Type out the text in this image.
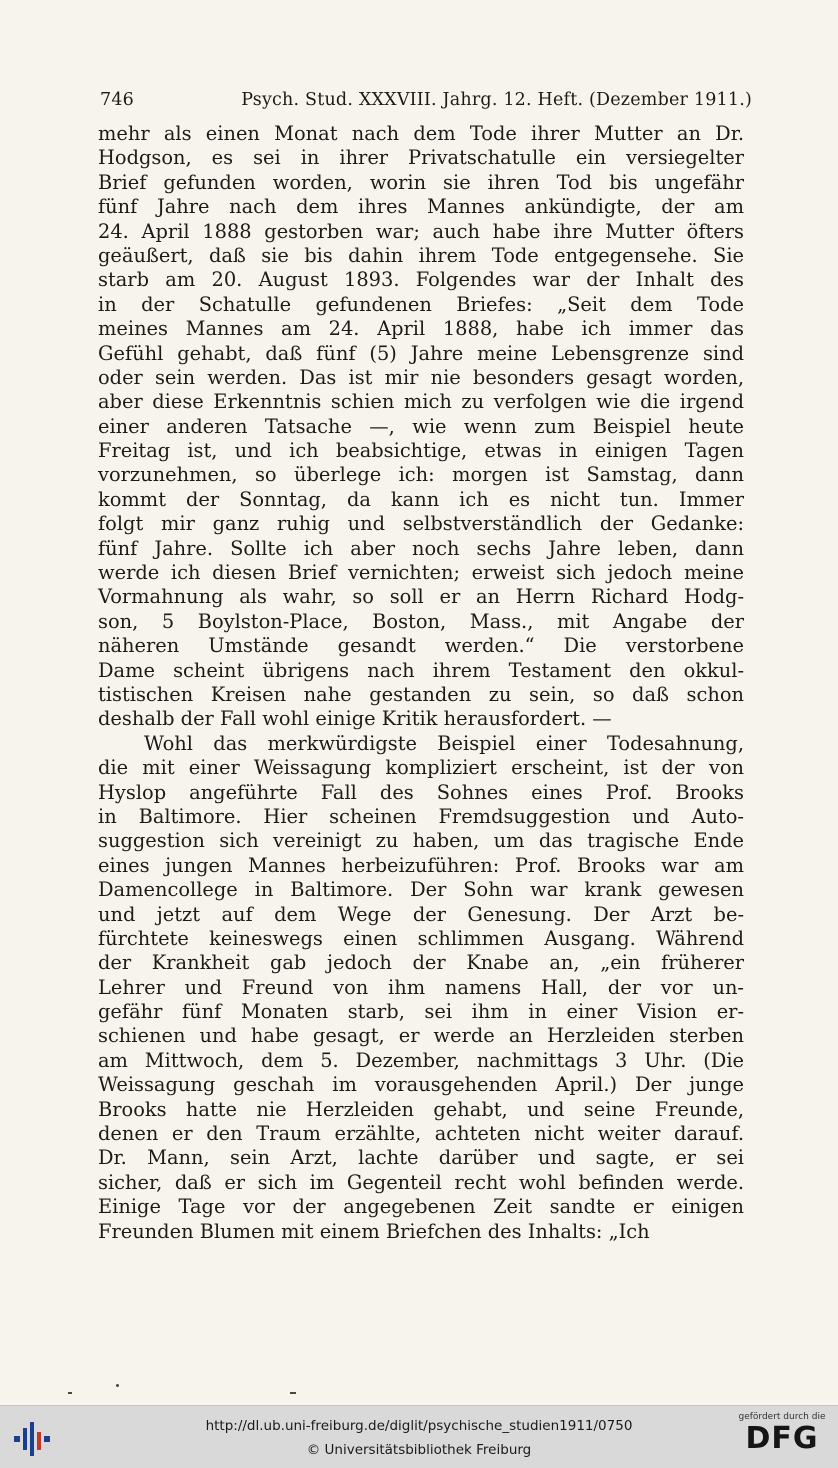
746	Psych. Stud. XXXVIII. Jahrg. 12. Heft. (Dezember 1911.)
mehr als einen Monat nach dem Tode ihrer Mutter an Dr.
Hodgson, es sei in ihrer Privatschatulle ein versiegelter
Brief gefunden worden, worin sie ihren Tod bis ungefähr
fünf Jahre nach dem ihres Mannes ankündigte, der am
24. April 1888 gestorben war; auch habe ihre Mutter öfters
geäußert, daß sie bis dahin ihrem Tode entgegensehe. Sie
starb am 20. August 1893. Folgendes war der Inhalt des
in der Schatulle gefundenen Briefes: „Seit dem Tode
meines Mannes am 24. April 1888, habe ich immer das
Gefühl gehabt, daß fünf (5) Jahre meine Lebensgrenze sind
oder sein werden. Das ist mir nie besonders gesagt worden,
aber diese Erkenntnis schien mich zu verfolgen wie die irgend
einer anderen Tatsache —, wie wenn zum Beispiel heute
Freitag ist, und ich beabsichtige, etwas in einigen Tagen
vorzunehmen, so überlege ich: morgen ist Samstag, dann
kommt der Sonntag, da kann ich es nicht tun. Immer
folgt mir ganz ruhig und selbstverständlich der Gedanke:
fünf Jahre. Sollte ich aber noch sechs Jahre leben, dann
werde ich diesen Brief vernichten; erweist sich jedoch meine
Vormahnung als wahr, so soll er an Herrn Richard Hodg-
son, 5 Boylston-Place, Boston, Mass., mit Angabe der
näheren Umstände gesandt werden.“ Die verstorbene
Dame scheint übrigens nach ihrem Testament den okkul-
tistischen Kreisen nahe gestanden zu sein, so daß schon
deshalb der Fall wohl einige Kritik herausfordert. —
Wohl das merkwürdigste Beispiel einer Todesahnung,
die mit einer Weissagung kompliziert erscheint, ist der von
Hyslop angeführte Fall des Sohnes eines Prof. Brooks
in Baltimore. Hier scheinen Fremdsuggestion und Auto-
suggestion sich vereinigt zu haben, um das tragische Ende
eines jungen Mannes herbeizuführen: Prof. Brooks war am
Damencollege in Baltimore. Der Sohn war krank gewesen
und jetzt auf dem Wege der Genesung. Der Arzt be-
fürchtete keineswegs einen schlimmen Ausgang. Während
der Krankheit gab jedoch der Knabe an, „ein früherer
Lehrer und Freund von ihm namens Hall, der vor un-
gefähr fünf Monaten starb, sei ihm in einer Vision er-
schienen und habe gesagt, er werde an Herzleiden sterben
am Mittwoch, dem 5. Dezember, nachmittags 3 Uhr. (Die
Weissagung geschah im vorausgehenden April.) Der junge
Brooks hatte nie Herzleiden gehabt, und seine Freunde,
denen er den Traum erzählte, achteten nicht weiter darauf.
Dr. Mann, sein Arzt, lachte darüber und sagte, er sei
sicher, daß er sich im Gegenteil recht wohl befinden werde.
Einige Tage vor der angegebenen Zeit sandte er einigen
Freunden Blumen mit einem Briefchen des Inhalts: „Ich
http://dl.ub.uni-freiburg.de/diglit/psychische_studien1911/0750
© Universitätsbibliothek Freiburg
gefördert durch die
DFG
